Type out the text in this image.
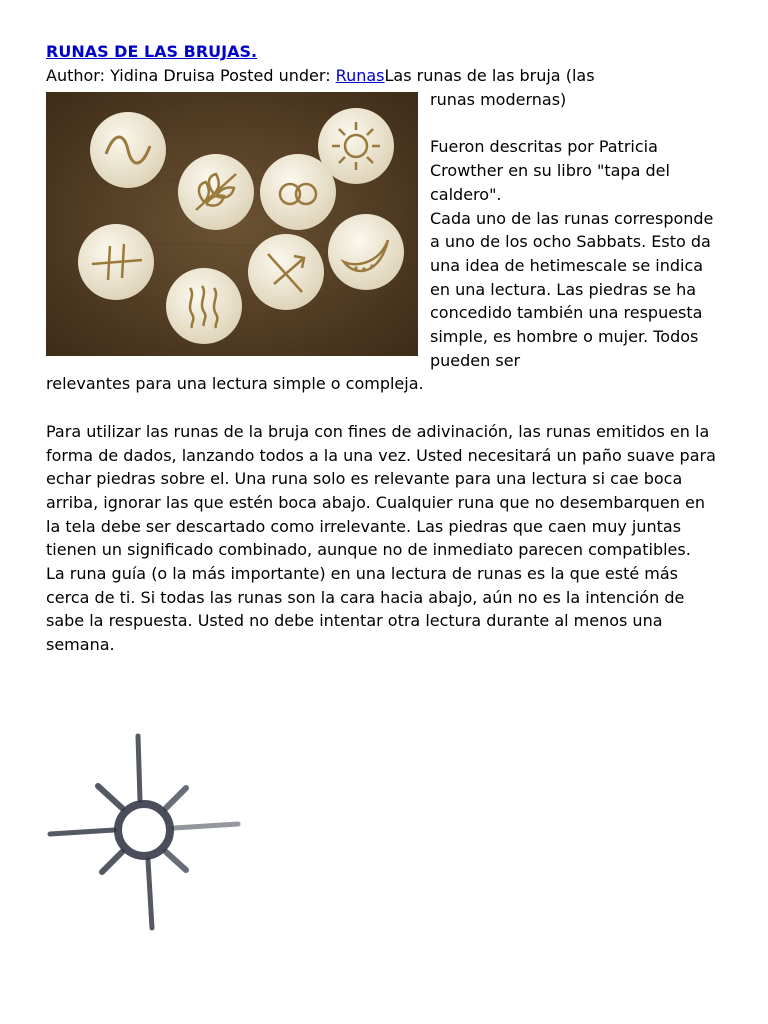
RUNAS DE LAS BRUJAS.
Author: Yidina Druisa Posted under: RunasLas runas de las bruja (las

runas modernas)

Fueron descritas por Patricia Crowther en su libro "tapa del caldero".

Cada uno de las runas corresponde a uno de los ocho Sabbats. Esto da una idea de hetimescale se indica en una lectura. Las piedras se ha concedido también una respuesta simple, es hombre o mujer. Todos pueden ser

relevantes para una lectura simple o compleja.

Para utilizar las runas de la bruja con fines de adivinación, las runas emitidos en la forma de dados, lanzando todos a la una vez. Usted necesitará un paño suave para echar piedras sobre el. Una runa solo es relevante para una lectura si cae boca arriba, ignorar las que estén boca abajo. Cualquier runa que no desembarquen en la tela debe ser descartado como irrelevante. Las piedras que caen muy juntas tienen un significado combinado, aunque no de inmediato parecen compatibles.

La runa guía (o la más importante) en una lectura de runas es la que esté más cerca de ti. Si todas las runas son la cara hacia abajo, aún no es la intención de sabe la respuesta. Usted no debe intentar otra lectura durante al menos una semana.
